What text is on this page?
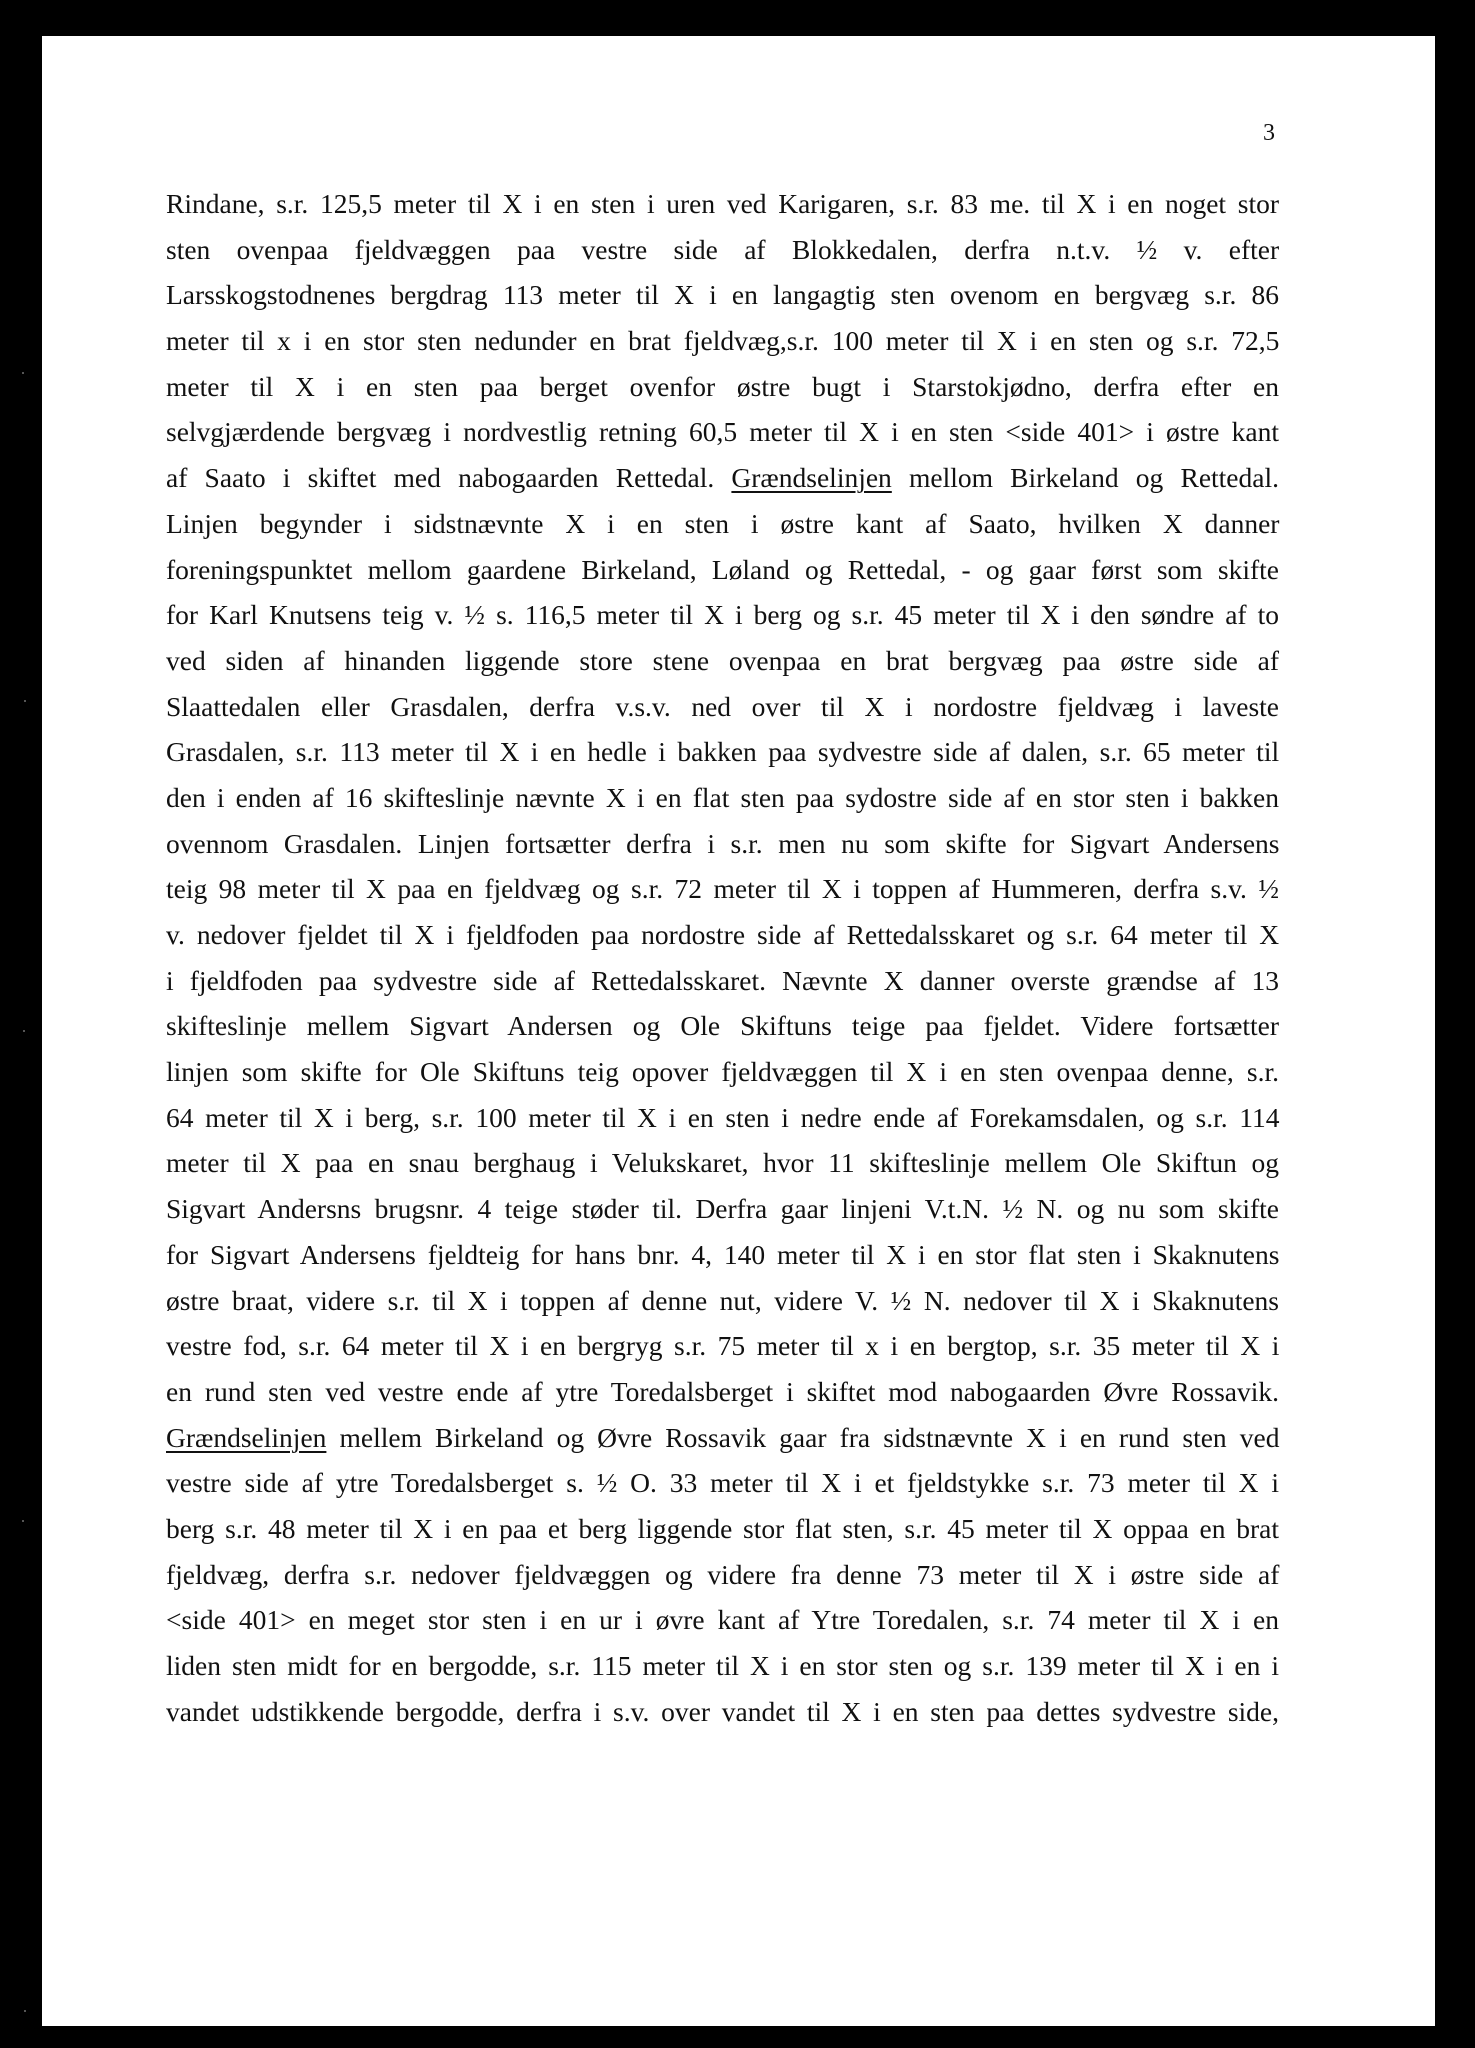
3
Rindane, s.r. 125,5 meter til X i en sten i uren ved Karigaren, s.r. 83 me. til X i en noget stor
sten ovenpaa fjeldvæggen paa vestre side af Blokkedalen, derfra n.t.v. ½ v. efter
Larsskogstodnenes bergdrag 113 meter til X i en langagtig sten ovenom en bergvæg s.r. 86
meter til x i en stor sten nedunder en brat fjeldvæg,s.r. 100 meter til X i en sten og s.r. 72,5
meter til X i en sten paa berget ovenfor østre bugt i Starstokjødno, derfra efter en
selvgjærdende bergvæg i nordvestlig retning 60,5 meter til X i en sten <side 401> i østre kant
af Saato i skiftet med nabogaarden Rettedal. Grændselinjen mellom Birkeland og Rettedal.
Linjen begynder i sidstnævnte X i en sten i østre kant af Saato, hvilken X danner
foreningspunktet mellom gaardene Birkeland, Løland og Rettedal, - og gaar først som skifte
for Karl Knutsens teig v. ½ s. 116,5 meter til X i berg og s.r. 45 meter til X i den søndre af to
ved siden af hinanden liggende store stene ovenpaa en brat bergvæg paa østre side af
Slaattedalen eller Grasdalen, derfra v.s.v. ned over til X i nordostre fjeldvæg i laveste
Grasdalen, s.r. 113 meter til X i en hedle i bakken paa sydvestre side af dalen, s.r. 65 meter til
den i enden af 16 skifteslinje nævnte X i en flat sten paa sydostre side af en stor sten i bakken
ovennom Grasdalen. Linjen fortsætter derfra i s.r. men nu som skifte for Sigvart Andersens
teig 98 meter til X paa en fjeldvæg og s.r. 72 meter til X i toppen af Hummeren, derfra s.v. ½
v. nedover fjeldet til X i fjeldfoden paa nordostre side af Rettedalsskaret og s.r. 64 meter til X
i fjeldfoden paa sydvestre side af Rettedalsskaret. Nævnte X danner overste grændse af 13
skifteslinje mellem Sigvart Andersen og Ole Skiftuns teige paa fjeldet. Videre fortsætter
linjen som skifte for Ole Skiftuns teig opover fjeldvæggen til X i en sten ovenpaa denne, s.r.
64 meter til X i berg, s.r. 100 meter til X i en sten i nedre ende af Forekamsdalen, og s.r. 114
meter til X paa en snau berghaug i Velukskaret, hvor 11 skifteslinje mellem Ole Skiftun og
Sigvart Andersns brugsnr. 4 teige støder til. Derfra gaar linjeni V.t.N. ½ N. og nu som skifte
for Sigvart Andersens fjeldteig for hans bnr. 4, 140 meter til X i en stor flat sten i Skaknutens
østre braat, videre s.r. til X i toppen af denne nut, videre V. ½ N. nedover til X i Skaknutens
vestre fod, s.r. 64 meter til X i en bergryg s.r. 75 meter til x i en bergtop, s.r. 35 meter til X i
en rund sten ved vestre ende af ytre Toredalsberget i skiftet mod nabogaarden Øvre Rossavik.
Grændselinjen mellem Birkeland og Øvre Rossavik gaar fra sidstnævnte X i en rund sten ved
vestre side af ytre Toredalsberget s. ½ O. 33 meter til X i et fjeldstykke s.r. 73 meter til X i
berg s.r. 48 meter til X i en paa et berg liggende stor flat sten, s.r. 45 meter til X oppaa en brat
fjeldvæg, derfra s.r. nedover fjeldvæggen og videre fra denne 73 meter til X i østre side af
<side 401> en meget stor sten i en ur i øvre kant af Ytre Toredalen, s.r. 74 meter til X i en
liden sten midt for en bergodde, s.r. 115 meter til X i en stor sten og s.r. 139 meter til X i en i
vandet udstikkende bergodde, derfra i s.v. over vandet til X i en sten paa dettes sydvestre side,
